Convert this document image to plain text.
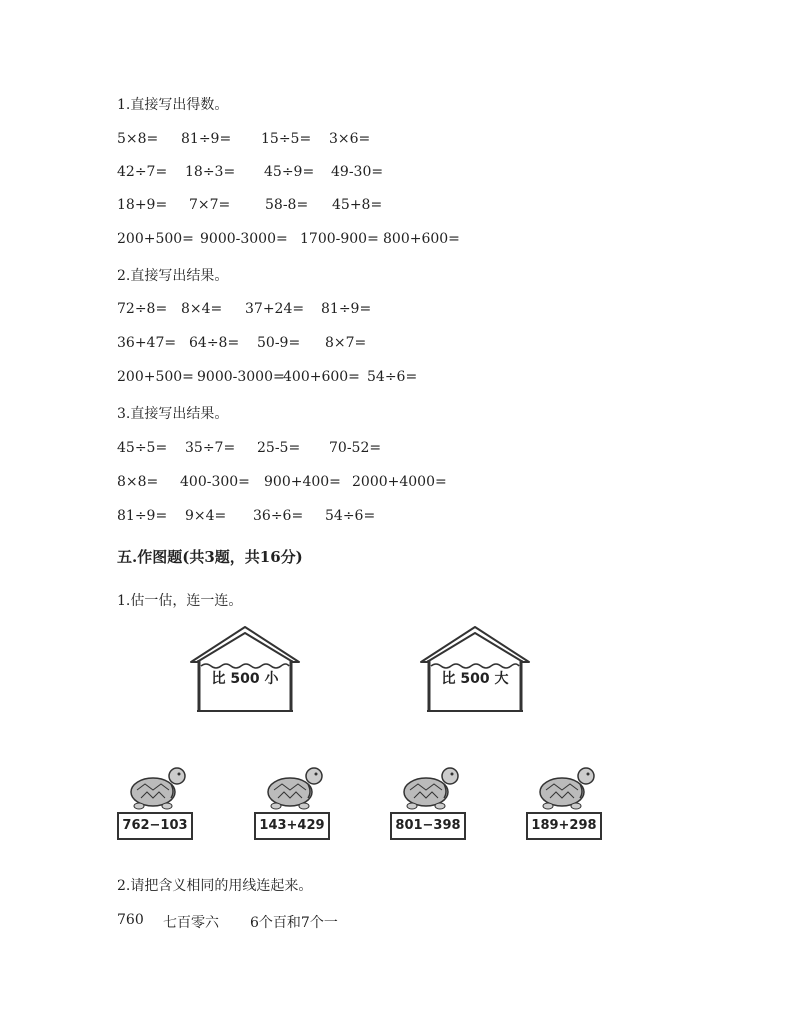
1.直接写出得数。
5×8= 81÷9= 15÷5= 3×6=
42÷7= 18÷3= 45÷9= 49-30=
18+9= 7×7= 58-8= 45+8=
200+500= 9000-3000= 1700-900= 800+600=
2.直接写出结果。
72÷8= 8×4= 37+24= 81÷9=
36+47= 64÷8= 50-9= 8×7=
200+500= 9000-3000=
400+600= 54÷6=
3.直接写出结果。
45÷5= 35÷7= 25-5= 70-52=
8×8= 400-300= 900+400= 2000+4000=
81÷9= 9×4= 36÷6= 54÷6=
五.作图题(共3题，共16分)
1.估一估，连一连。
比 500 小	比 500 大
762−103	143+429	801−398	189+298
2.请把含义相同的用线连起来。
760 七百零六 6个百和7个一
